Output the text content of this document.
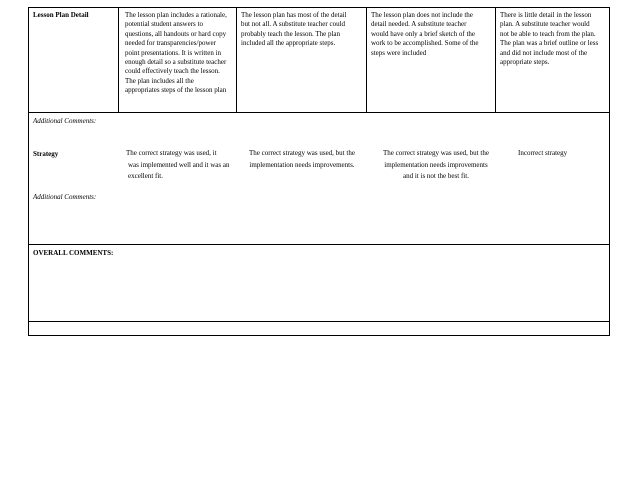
Lesson Plan Detail	The lesson plan includes a rationale,
potential student answers to
questions, all handouts or hard copy
needed for transparencies/power
point presentations. It is written in
enough detail so a substitute teacher
could effectively teach the lesson.
The plan includes all the
appropriates steps of the lesson plan
The lesson plan has most of the detail
but not all. A substitute teacher could
probably teach the lesson. The plan
included all the appropriate steps.
The lesson plan does not include the
detail needed. A substitute teacher
would have only a brief sketch of the
work to be accomplished. Some of the
steps were included
There is little detail in the lesson
plan. A substitute teacher would
not be able to teach from the plan.
The plan was a brief outline or less
and did not include most of the
appropriate steps.
Additional Comments:
Strategy	The correct strategy was used, it
was implemented well and it was an
excellent fit.
The correct strategy was used, but the
implementation needs improvements.
The correct strategy was used, but the
implementation needs improvements
and it is not the best fit.
Incorrect strategy
Additional Comments:
OVERALL COMMENTS:
